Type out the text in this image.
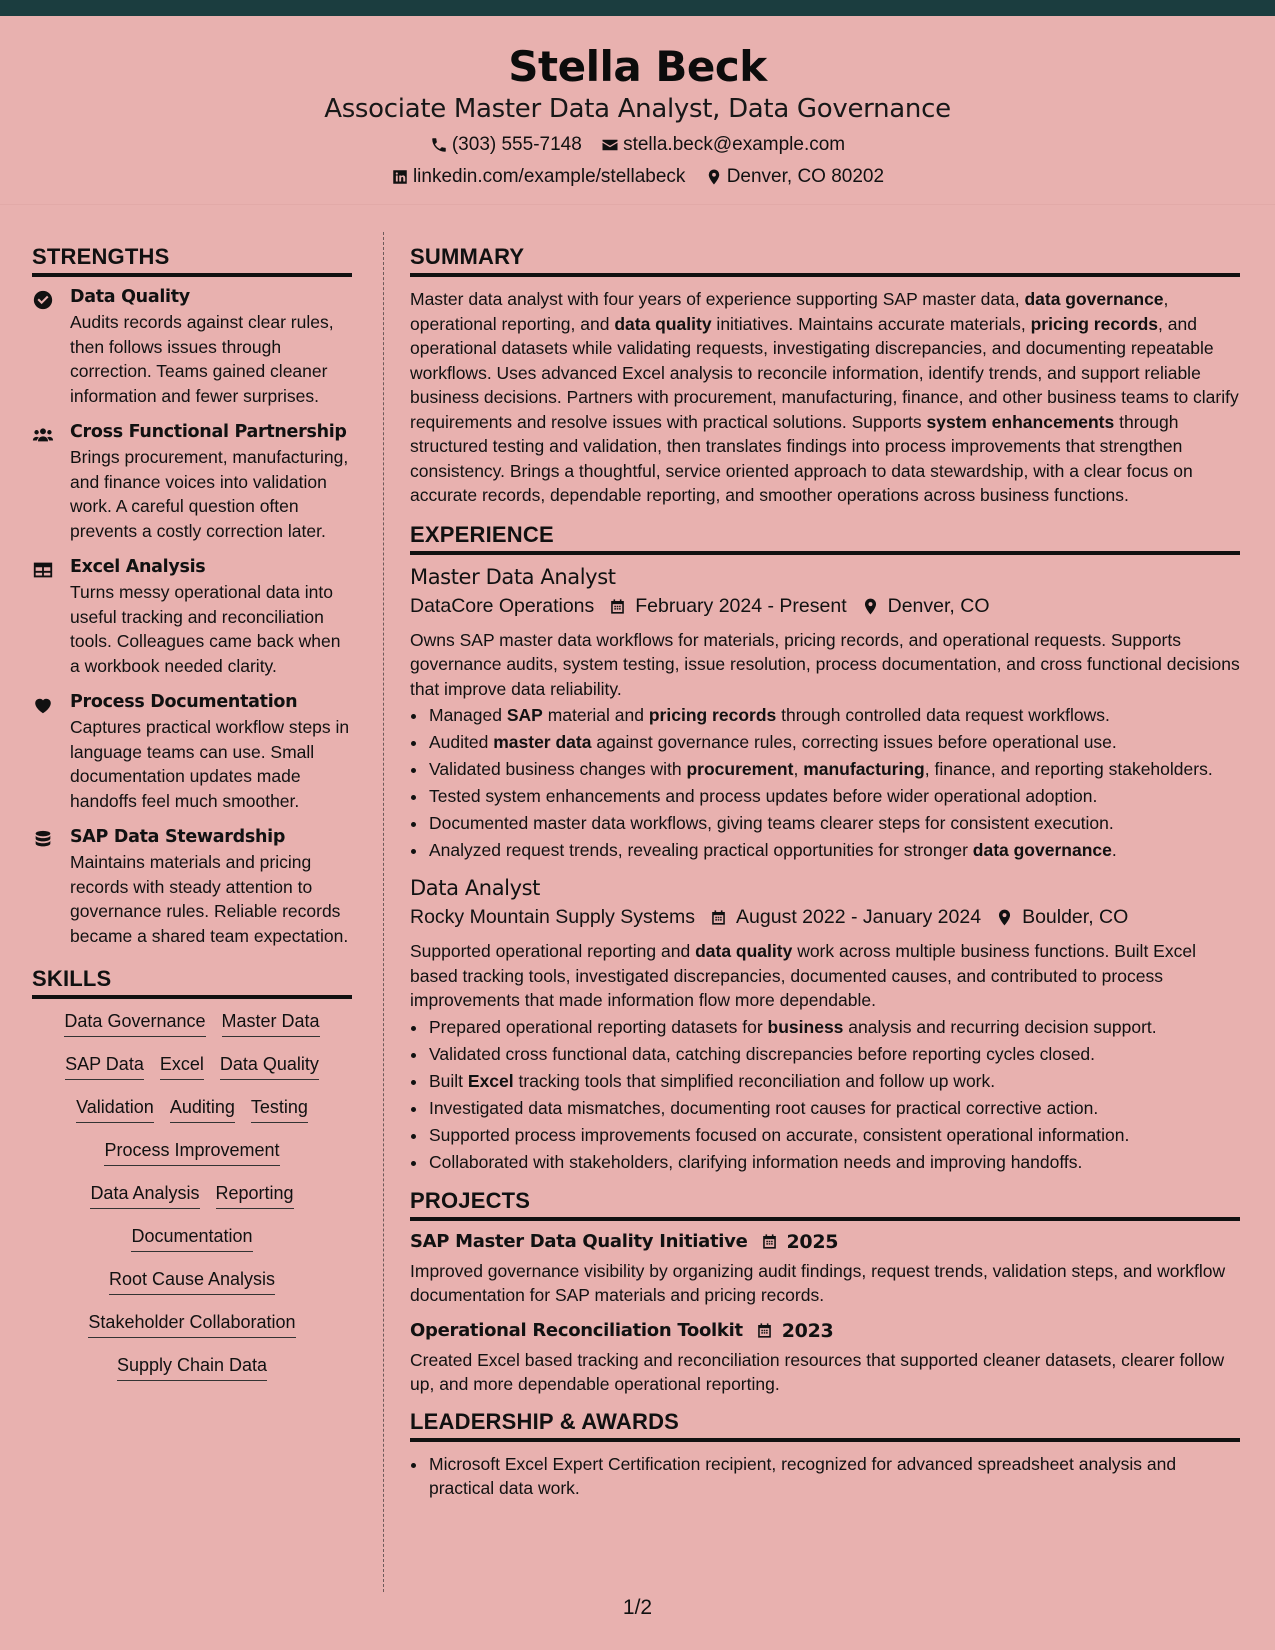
Stella Beck
Associate Master Data Analyst, Data Governance
(303) 555-7148
stella.beck@example.com
linkedin.com/example/stellabeck
Denver, CO 80202
STRENGTHS
Data Quality
Audits records against clear rules, then follows issues through correction. Teams gained cleaner information and fewer surprises.
Cross Functional Partnership
Brings procurement, manufacturing, and finance voices into validation work. A careful question often prevents a costly correction later.
Excel Analysis
Turns messy operational data into useful tracking and reconciliation tools. Colleagues came back when a workbook needed clarity.
Process Documentation
Captures practical workflow steps in language teams can use. Small documentation updates made handoffs feel much smoother.
SAP Data Stewardship
Maintains materials and pricing records with steady attention to governance rules. Reliable records became a shared team expectation.
SKILLS
Data Governance Master Data
SAP Data Excel Data Quality
Validation Auditing Testing
Process Improvement
Data Analysis Reporting
Documentation
Root Cause Analysis
Stakeholder Collaboration
Supply Chain Data
SUMMARY
Master data analyst with four years of experience supporting SAP master data, data governance, operational reporting, and data quality initiatives. Maintains accurate materials, pricing records, and operational datasets while validating requests, investigating discrepancies, and documenting repeatable workflows. Uses advanced Excel analysis to reconcile information, identify trends, and support reliable business decisions. Partners with procurement, manufacturing, finance, and other business teams to clarify requirements and resolve issues with practical solutions. Supports system enhancements through structured testing and validation, then translates findings into process improvements that strengthen consistency. Brings a thoughtful, service oriented approach to data stewardship, with a clear focus on accurate records, dependable reporting, and smoother operations across business functions.
EXPERIENCE
Master Data Analyst
DataCore Operations February 2024 - Present Denver, CO
Owns SAP master data workflows for materials, pricing records, and operational requests. Supports governance audits, system testing, issue resolution, process documentation, and cross functional decisions that improve data reliability.
• Managed SAP material and pricing records through controlled data request workflows.
• Audited master data against governance rules, correcting issues before operational use.
• Validated business changes with procurement, manufacturing, finance, and reporting stakeholders.
• Tested system enhancements and process updates before wider operational adoption.
• Documented master data workflows, giving teams clearer steps for consistent execution.
• Analyzed request trends, revealing practical opportunities for stronger data governance.
Data Analyst
Rocky Mountain Supply Systems August 2022 - January 2024 Boulder, CO
Supported operational reporting and data quality work across multiple business functions. Built Excel based tracking tools, investigated discrepancies, documented causes, and contributed to process improvements that made information flow more dependable.
• Prepared operational reporting datasets for business analysis and recurring decision support.
• Validated cross functional data, catching discrepancies before reporting cycles closed.
• Built Excel tracking tools that simplified reconciliation and follow up work.
• Investigated data mismatches, documenting root causes for practical corrective action.
• Supported process improvements focused on accurate, consistent operational information.
• Collaborated with stakeholders, clarifying information needs and improving handoffs.
PROJECTS
SAP Master Data Quality Initiative 2025
Improved governance visibility by organizing audit findings, request trends, validation steps, and workflow documentation for SAP materials and pricing records.
Operational Reconciliation Toolkit 2023
Created Excel based tracking and reconciliation resources that supported cleaner datasets, clearer follow up, and more dependable operational reporting.
LEADERSHIP & AWARDS
• Microsoft Excel Expert Certification recipient, recognized for advanced spreadsheet analysis and practical data work.
1/2
